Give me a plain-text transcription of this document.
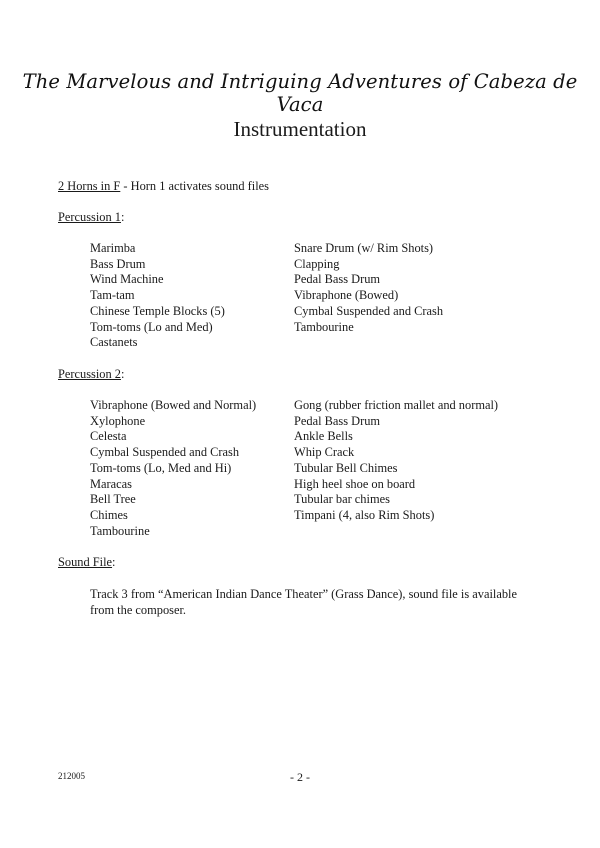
The Marvelous and Intriguing Adventures of Cabeza de Vaca
Instrumentation
2 Horns in F - Horn 1 activates sound files
Percussion 1:
Marimba
Bass Drum
Wind Machine
Tam-tam
Chinese Temple Blocks (5)
Tom-toms (Lo and Med)
Castanets
Snare Drum (w/ Rim Shots)
Clapping
Pedal Bass Drum
Vibraphone (Bowed)
Cymbal Suspended and Crash
Tambourine
Percussion 2:
Vibraphone (Bowed and Normal)
Xylophone
Celesta
Cymbal Suspended and Crash
Tom-toms (Lo, Med and Hi)
Maracas
Bell Tree
Chimes
Tambourine
Gong (rubber friction mallet and normal)
Pedal Bass Drum
Ankle Bells
Whip Crack
Tubular Bell Chimes
High heel shoe on board
Tubular bar chimes
Timpani (4, also Rim Shots)
Sound File:
Track 3 from “American Indian Dance Theater” (Grass Dance), sound file is available from the composer.
212005	- 2 -
